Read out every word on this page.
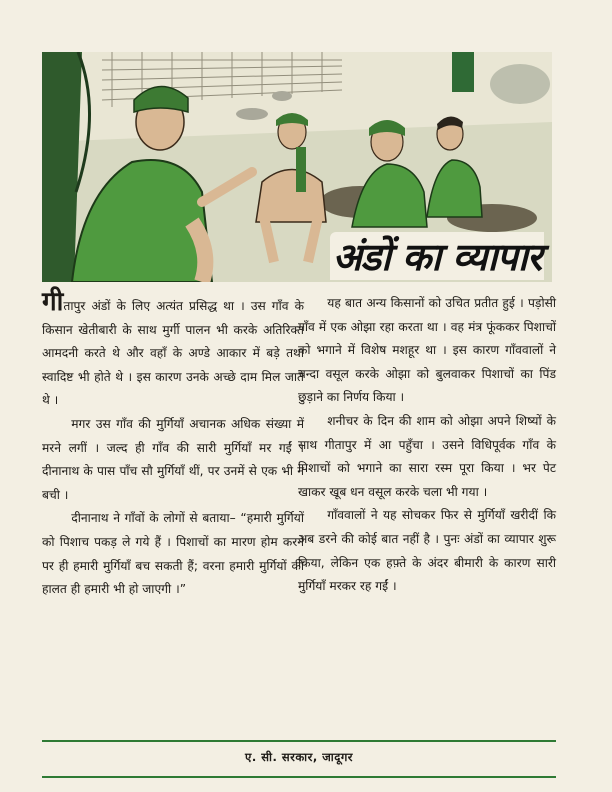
अंडों का व्यापार

गीतापुर अंडों के लिए अत्यंत प्रसिद्ध था । उस गाँव के किसान खेतीबारी के साथ मुर्गी पालन भी करके अतिरिक्त आमदनी करते थे और वहाँ के अण्डे आकार में बड़े तथा स्वादिष्ट भी होते थे । इस कारण उनके अच्छे दाम मिल जाते थे ।

मगर उस गाँव की मुर्गियाँ अचानक अधिक संख्या में मरने लगीं । जल्द ही गाँव की सारी मुर्गियाँ मर गईं । दीनानाथ के पास पाँच सौ मुर्गियाँ थीं, पर उनमें से एक भी न बची ।

दीनानाथ ने गाँवों के लोगों से बताया– “हमारी मुर्गियों को पिशाच पकड़ ले गये हैं । पिशाचों का मारण होम करने पर ही हमारी मुर्गियाँ बच सकती हैं; वरना हमारी मुर्गियों की हालत ही हमारी भी हो जाएगी ।”

यह बात अन्य किसानों को उचित प्रतीत हुई । पड़ोसी गाँव में एक ओझा रहा करता था । वह मंत्र फूंककर पिशाचों को भगाने में विशेष मशहूर था । इस कारण गाँववालों ने चन्दा वसूल करके ओझा को बुलवाकर पिशाचों का पिंड छुड़ाने का निर्णय किया ।

शनीचर के दिन की शाम को ओझा अपने शिष्यों के साथ गीतापुर में आ पहुँचा । उसने विधिपूर्वक गाँव के पिशाचों को भगाने का सारा रस्म पूरा किया । भर पेट खाकर खूब धन वसूल करके चला भी गया ।

गाँववालों ने यह सोचकर फिर से मुर्गियाँ खरीदीं कि अब डरने की कोई बात नहीं है । पुनः अंडों का व्यापार शुरू किया, लेकिन एक हफ़्ते के अंदर बीमारी के कारण सारी मुर्गियाँ मरकर रह गईं ।

ए. सी. सरकार, जादूगर
